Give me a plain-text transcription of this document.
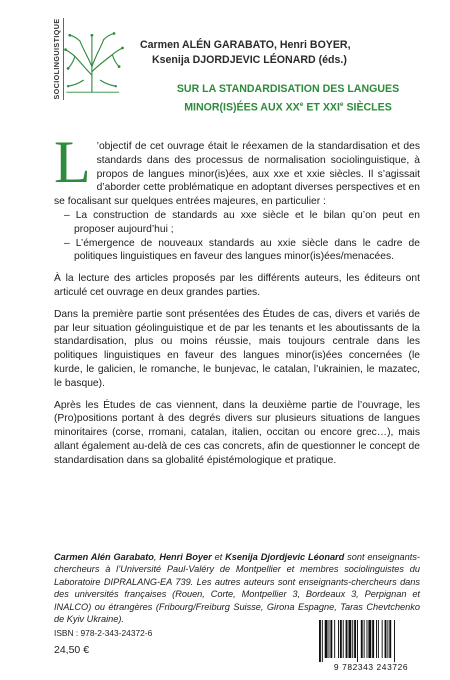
SOCIOLINGUISTIQUE	Carmen ALÉN GARABATO, Henri BOYER,
Ksenija DJORDJEVIC LÉONARD (éds.)
SUR LA STANDARDISATION DES LANGUES
MINOR(IS)ÉES AUX XXe ET XXIe SIÈCLES
L ’objectif de cet ouvrage était le réexamen de la standardisation et des standards dans des processus de normalisation sociolinguistique, à propos de langues minor(is)ées, aux xxe et xxie siècles. Il s’agissait d’aborder cette problématique en adoptant diverses perspectives et en se focalisant sur quelques entrées majeures, en particulier :

– La construction de standards au xxe siècle et le bilan qu’on peut en proposer aujourd’hui ;
– L’émergence de nouveaux standards au xxie siècle dans le cadre de politiques linguistiques en faveur des langues minor(is)ées/menacées.

À la lecture des articles proposés par les différents auteurs, les éditeurs ont articulé cet ouvrage en deux grandes parties.

Dans la première partie sont présentées des Études de cas, divers et variés de par leur situation géolinguistique et de par les tenants et les aboutissants de la standardisation, plus ou moins réussie, mais toujours centrale dans les politiques linguistiques en faveur des langues minor(is)ées concernées (le kurde, le galicien, le romanche, le bunjevac, le catalan, l’ukrainien, le mazatec, le basque).

Après les Études de cas viennent, dans la deuxième partie de l’ouvrage, les (Pro)positions portant à des degrés divers sur plusieurs situations de langues minoritaires (corse, rromani, catalan, italien, occitan ou encore grec…), mais allant également au-delà de ces cas concrets, afin de questionner le concept de standardisation dans sa globalité épistémologique et pratique.

Carmen Alén Garabato, Henri Boyer et Ksenija Djordjevic Léonard sont enseignants-chercheurs à l’Université Paul-Valéry de Montpellier et membres sociolinguistes du Laboratoire DIPRALANG-EA 739. Les autres auteurs sont enseignants-chercheurs dans des universités françaises (Rouen, Corte, Montpellier 3, Bordeaux 3, Perpignan et INALCO) ou étrangères (Fribourg/Freiburg Suisse, Girona Espagne, Taras Chevtchenko de Kyiv Ukraine).
ISBN : 978-2-343-24372-6
24,50 €
9 782343 243726
